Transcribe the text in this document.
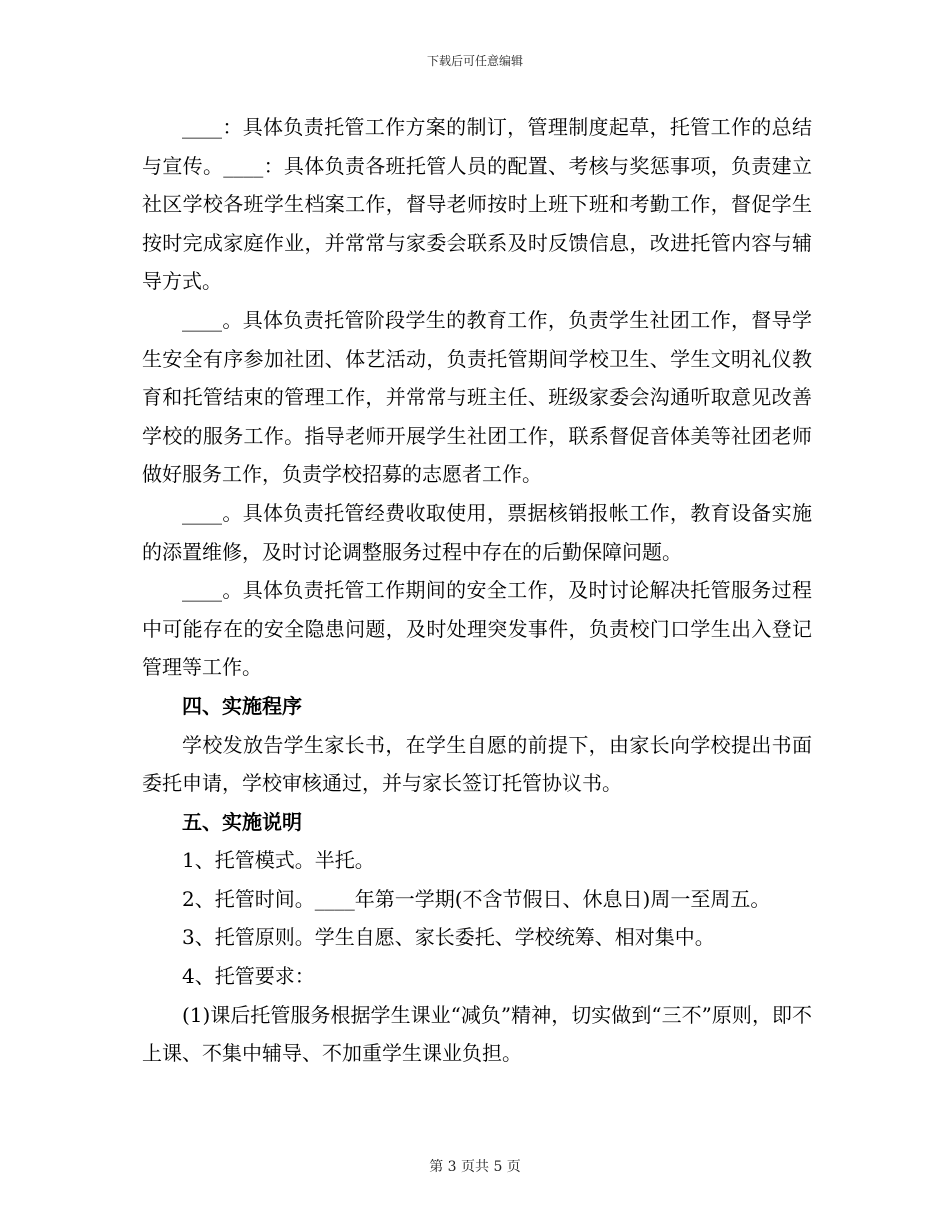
下载后可任意编辑

____：具体负责托管工作方案的制订，管理制度起草，托管工作的总结与宣传。____：具体负责各班托管人员的配置、考核与奖惩事项，负责建立社区学校各班学生档案工作，督导老师按时上班下班和考勤工作，督促学生按时完成家庭作业，并常常与家委会联系及时反馈信息，改进托管内容与辅导方式。

____。具体负责托管阶段学生的教育工作，负责学生社团工作，督导学生安全有序参加社团、体艺活动，负责托管期间学校卫生、学生文明礼仪教育和托管结束的管理工作，并常常与班主任、班级家委会沟通听取意见改善学校的服务工作。指导老师开展学生社团工作，联系督促音体美等社团老师做好服务工作，负责学校招募的志愿者工作。

____。具体负责托管经费收取使用，票据核销报帐工作，教育设备实施的添置维修，及时讨论调整服务过程中存在的后勤保障问题。

____。具体负责托管工作期间的安全工作，及时讨论解决托管服务过程中可能存在的安全隐患问题，及时处理突发事件，负责校门口学生出入登记管理等工作。

四、实施程序

学校发放告学生家长书，在学生自愿的前提下，由家长向学校提出书面委托申请，学校审核通过，并与家长签订托管协议书。

五、实施说明

1、托管模式。半托。

2、托管时间。____年第一学期(不含节假日、休息日)周一至周五。

3、托管原则。学生自愿、家长委托、学校统筹、相对集中。

4、托管要求：

(1)课后托管服务根据学生课业“减负”精神，切实做到“三不”原则，即不上课、不集中辅导、不加重学生课业负担。

第 3 页共 5 页
